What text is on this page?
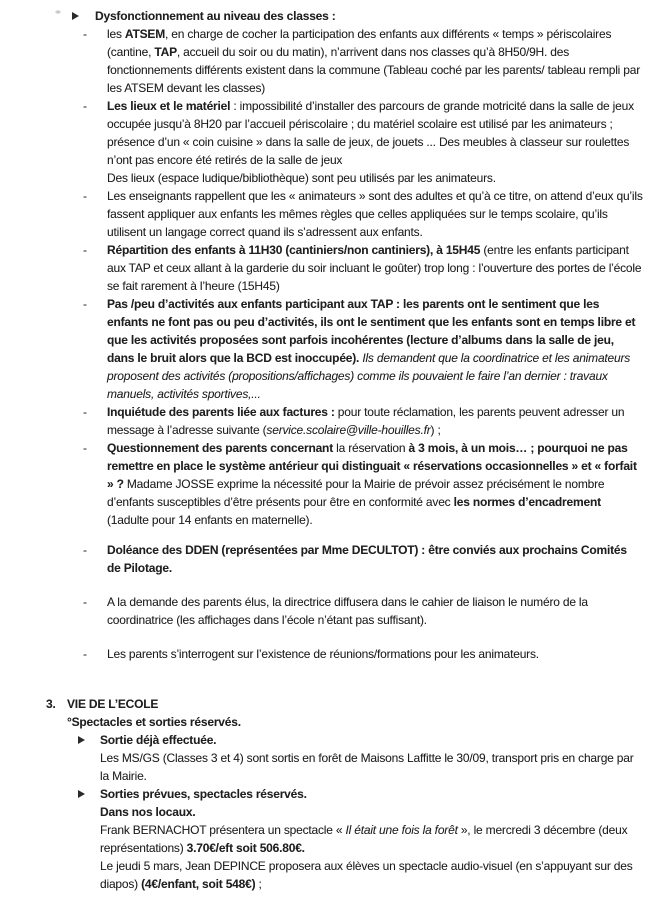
Dysfonctionnement au niveau des classes :
-	les ATSEM, en charge de cocher la participation des enfants aux différents « temps » périscolaires (cantine, TAP, accueil du soir ou du matin), n’arrivent dans nos classes qu’à 8H50/9H. des fonctionnements différents existent dans la commune (Tableau coché par les parents/ tableau rempli par les ATSEM devant les classes)
-	Les lieux et le matériel : impossibilité d’installer des parcours de grande motricité dans la salle de jeux occupée jusqu’à 8H20 par l’accueil périscolaire ; du matériel scolaire est utilisé par les animateurs ; présence d’un « coin cuisine » dans la salle de jeux, de jouets ... Des meubles à classeur sur roulettes n’ont pas encore été retirés de la salle de jeux
Des lieux (espace ludique/bibliothèque) sont peu utilisés par les animateurs.
-	Les enseignants rappellent que les « animateurs » sont des adultes et qu’à ce titre, on attend d’eux qu’ils fassent appliquer aux enfants les mêmes règles que celles appliquées sur le temps scolaire, qu’ils utilisent un langage correct quand ils s’adressent aux enfants.
-	Répartition des enfants à 11H30 (cantiniers/non cantiniers), à 15H45 (entre les enfants participant aux TAP et ceux allant à la garderie du soir incluant le goûter) trop long : l’ouverture des portes de l’école se fait rarement à l’heure (15H45)
-	Pas /peu d’activités aux enfants participant aux TAP : les parents ont le sentiment que les enfants ne font pas ou peu d’activités, ils ont le sentiment que les enfants sont en temps libre et que les activités proposées sont parfois incohérentes (lecture d’albums dans la salle de jeu, dans le bruit alors que la BCD est inoccupée). Ils demandent que la coordinatrice et les animateurs proposent des activités (propositions/affichages) comme ils pouvaient le faire l’an dernier : travaux manuels, activités sportives,...
-	Inquiétude des parents liée aux factures : pour toute réclamation, les parents peuvent adresser un message à l’adresse suivante (service.scolaire@ville-houilles.fr) ;
-	Questionnement des parents concernant la réservation à 3 mois, à un mois… ; pourquoi ne pas remettre en place le système antérieur qui distinguait « réservations occasionnelles » et « forfait » ? Madame JOSSE exprime la nécessité pour la Mairie de prévoir assez précisément le nombre d’enfants susceptibles d’être présents pour être en conformité avec les normes d’encadrement (1adulte pour 14 enfants en maternelle).
-	Doléance des DDEN (représentées par Mme DECULTOT) : être conviés aux prochains Comités de Pilotage.
-	A la demande des parents élus, la directrice diffusera dans le cahier de liaison le numéro de la coordinatrice (les affichages dans l’école n’étant pas suffisant).
-	Les parents s’interrogent sur l’existence de réunions/formations pour les animateurs.
3. VIE DE L’ECOLE
°Spectacles et sorties réservés.
Sortie déjà effectuée.
Les MS/GS (Classes 3 et 4) sont sortis en forêt de Maisons Laffitte le 30/09, transport pris en charge par la Mairie.
Sorties prévues, spectacles réservés.
Dans nos locaux.
Frank BERNACHOT présentera un spectacle « Il était une fois la forêt », le mercredi 3 décembre (deux représentations) 3.70€/eft soit 506.80€.
Le jeudi 5 mars, Jean DEPINCE proposera aux élèves un spectacle audio-visuel (en s’appuyant sur des diapos) (4€/enfant, soit 548€) ;
